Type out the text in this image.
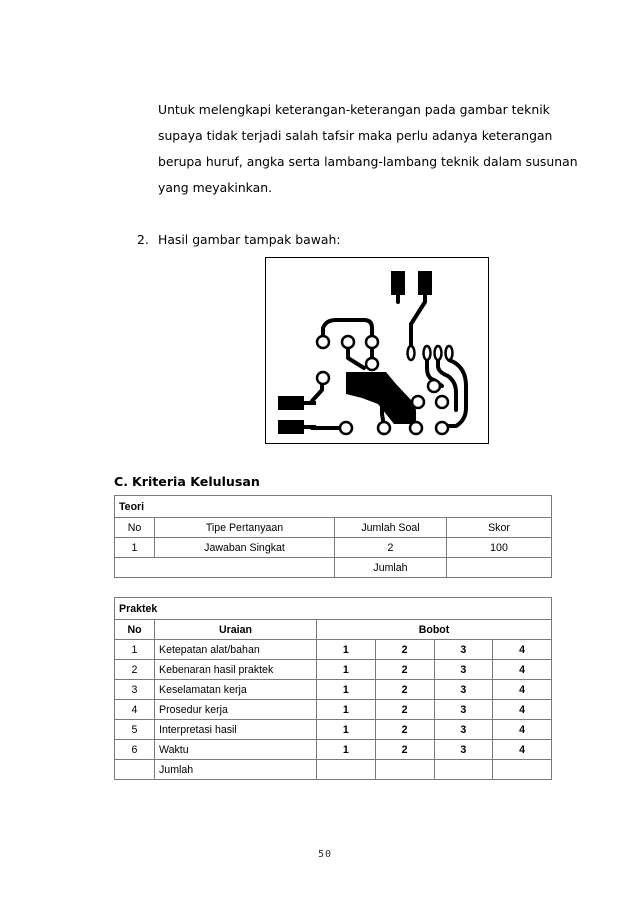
Untuk melengkapi keterangan-keterangan pada gambar teknik
supaya tidak terjadi salah tafsir maka perlu adanya keterangan
berupa huruf, angka serta lambang-lambang teknik dalam susunan
yang meyakinkan.
2. Hasil gambar tampak bawah:
C. Kriteria Kelulusan
Teori			
No	Tipe Pertanyaan	Jumlah Soal	Skor
1	Jawaban Singkat	2	100
		Jumlah	
Praktek					
No	Uraian	Bobot			
1	Ketepatan alat/bahan	1	2	3	4
2	Kebenaran hasil praktek	1	2	3	4
3	Keselamatan kerja	1	2	3	4
4	Prosedur kerja	1	2	3	4
5	Interpretasi hasil	1	2	3	4
6	Waktu	1	2	3	4
	Jumlah				
50
